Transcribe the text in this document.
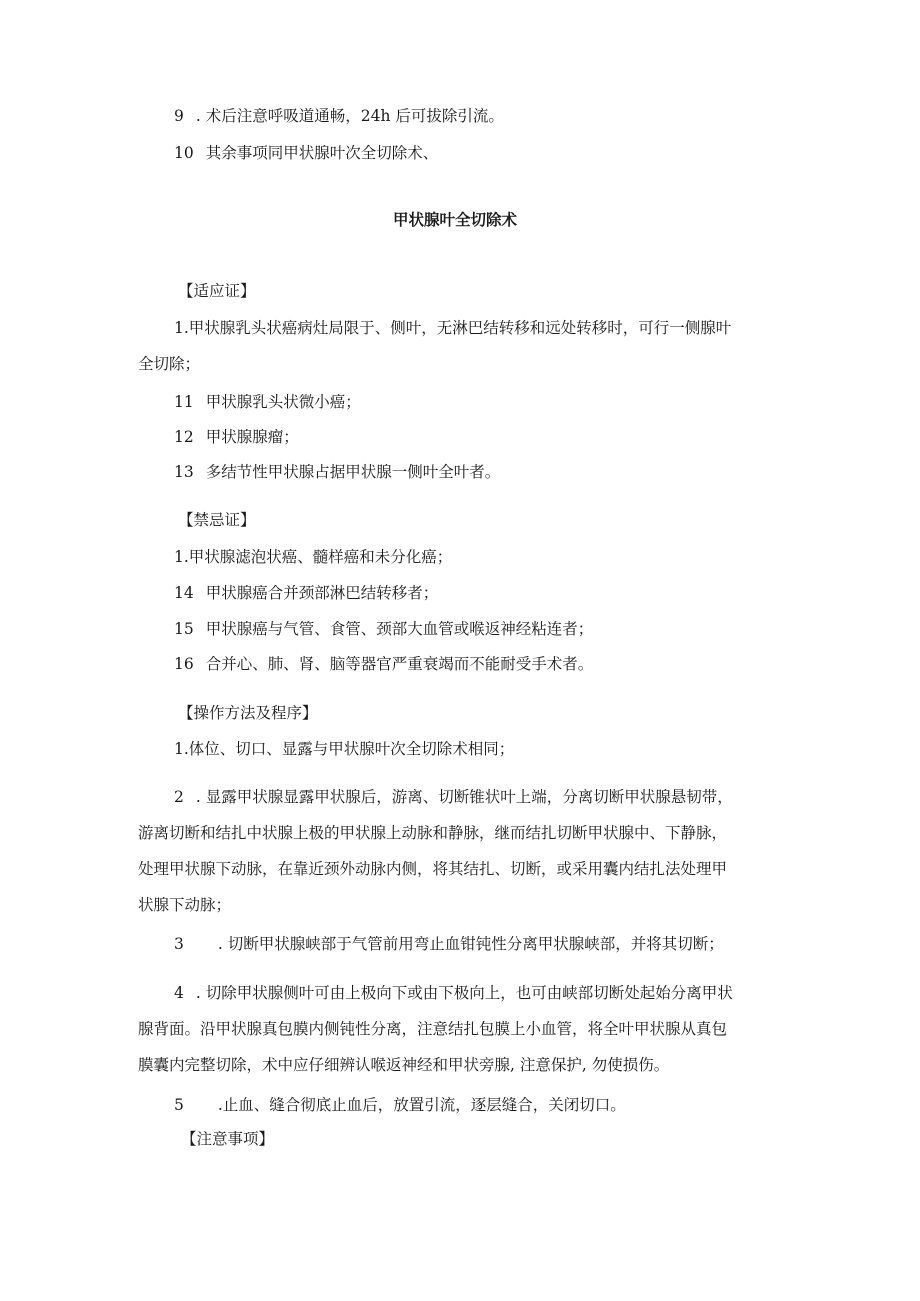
9 . 术后注意呼吸道通畅，24h 后可拔除引流。
10 其余事项同甲状腺叶次全切除术、
甲状腺叶全切除术
【适应证】
1.甲状腺乳头状癌病灶局限于、侧叶，无淋巴结转移和远处转移时，可行一侧腺叶
全切除；
11 甲状腺乳头状微小癌；
12 甲状腺腺瘤；
13 多结节性甲状腺占据甲状腺一侧叶全叶者。
【禁忌证】
1.甲状腺滤泡状癌、髓样癌和未分化癌；
14 甲状腺癌合并颈部淋巴结转移者；
15 甲状腺癌与气管、食管、颈部大血管或喉返神经粘连者；
16 合并心、肺、肾、脑等器官严重衰竭而不能耐受手术者。
【操作方法及程序】
1.体位、切口、显露与甲状腺叶次全切除术相同；
2 . 显露甲状腺显露甲状腺后，游离、切断锥状叶上端，分离切断甲状腺悬韧带，
游离切断和结扎中状腺上极的甲状腺上动脉和静脉，继而结扎切断甲状腺中、下静脉，
处理甲状腺下动脉，在靠近颈外动脉内侧，将其结扎、切断，或采用囊内结扎法处理甲
状腺下动脉；
3 . 切断甲状腺峡部于气管前用弯止血钳钝性分离甲状腺峡部，并将其切断；
4 . 切除甲状腺侧叶可由上极向下或由下极向上，也可由峡部切断处起始分离甲状
腺背面。沿甲状腺真包膜内侧钝性分离，注意结扎包膜上小血管，将全叶甲状腺从真包
膜囊内完整切除，术中应仔细辨认喉返神经和甲状旁腺, 注意保护, 勿使损伤。
5 .止血、缝合彻底止血后，放置引流，逐层缝合，关闭切口。
【注意事项】
